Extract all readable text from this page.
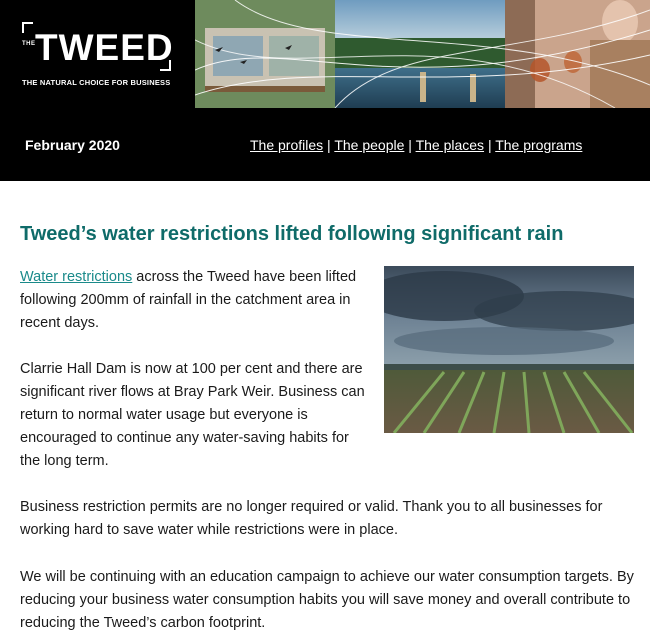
THE TWEED
THE NATURAL CHOICE FOR BUSINESS
February 2020	The profiles | The people | The places | The programs
Tweed’s water restrictions lifted following significant rain

Water restrictions across the Tweed have been lifted following 200mm of rainfall in the catchment area in recent days.

Clarrie Hall Dam is now at 100 per cent and there are significant river flows at Bray Park Weir. Business can return to normal water usage but everyone is encouraged to continue any water-saving habits for the long term.

Business restriction permits are no longer required or valid. Thank you to all businesses for working hard to save water while restrictions were in place.

We will be continuing with an education campaign to achieve our water consumption targets. By reducing your business water consumption habits you will save money and overall contribute to reducing the Tweed’s carbon footprint.
